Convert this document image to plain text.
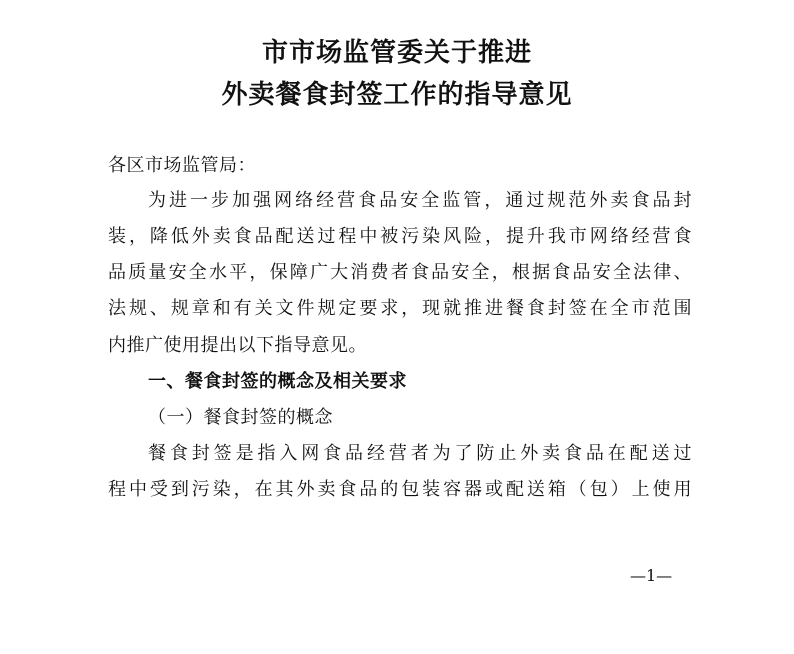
市市场监管委关于推进
外卖餐食封签工作的指导意见
各区市场监管局：
为进一步加强网络经营食品安全监管，通过规范外卖食品封
装，降低外卖食品配送过程中被污染风险，提升我市网络经营食
品质量安全水平，保障广大消费者食品安全，根据食品安全法律、
法规、规章和有关文件规定要求，现就推进餐食封签在全市范围
内推广使用提出以下指导意见。
一、餐食封签的概念及相关要求
（一）餐食封签的概念
餐食封签是指入网食品经营者为了防止外卖食品在配送过
程中受到污染，在其外卖食品的包装容器或配送箱（包）上使用
—1—
